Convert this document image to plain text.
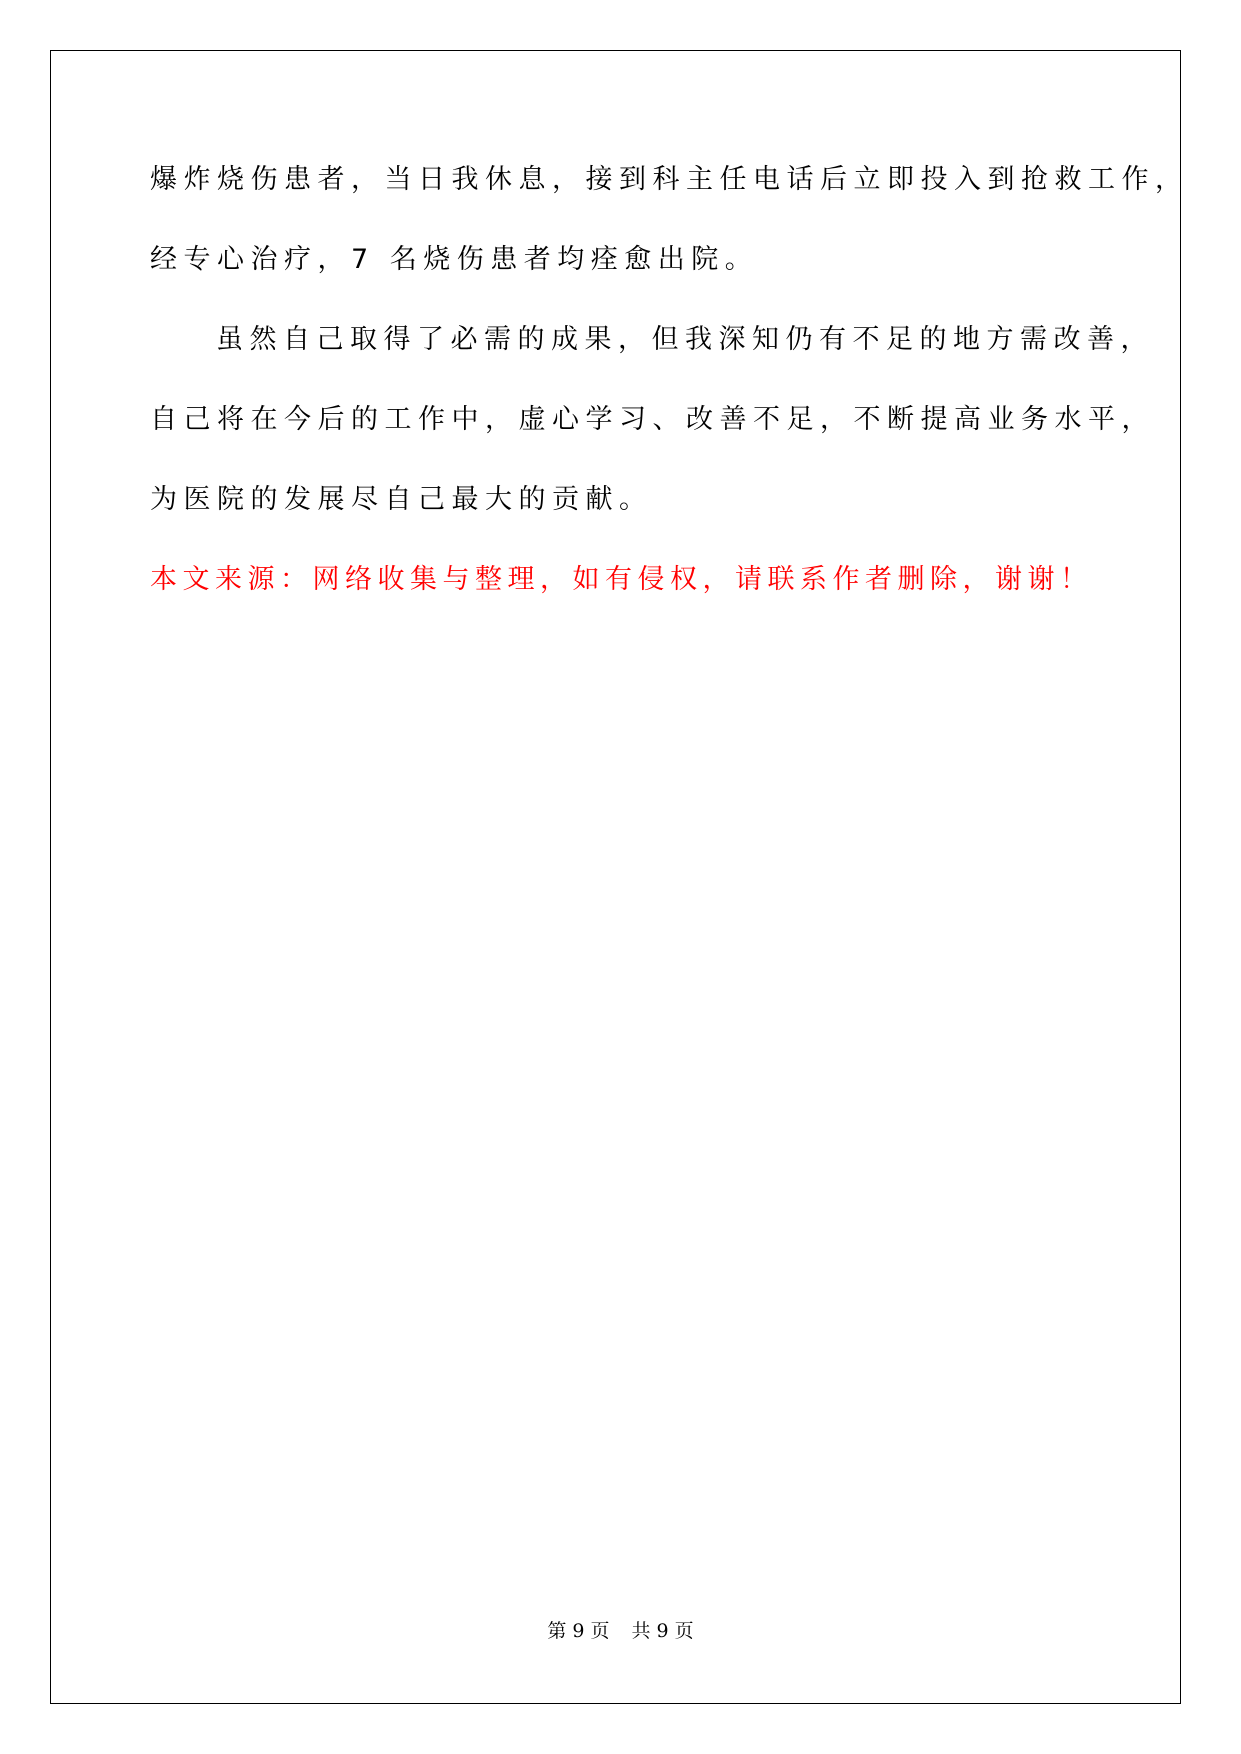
爆炸烧伤患者，当日我休息，接到科主任电话后立即投入到抢救工作，
经专心治疗，7 名烧伤患者均痊愈出院。
虽然自己取得了必需的成果，但我深知仍有不足的地方需改善，
自己将在今后的工作中，虚心学习、改善不足，不断提高业务水平，
为医院的发展尽自己最大的贡献。
本文来源：网络收集与整理，如有侵权，请联系作者删除，谢谢！
第 9 页 共 9 页
